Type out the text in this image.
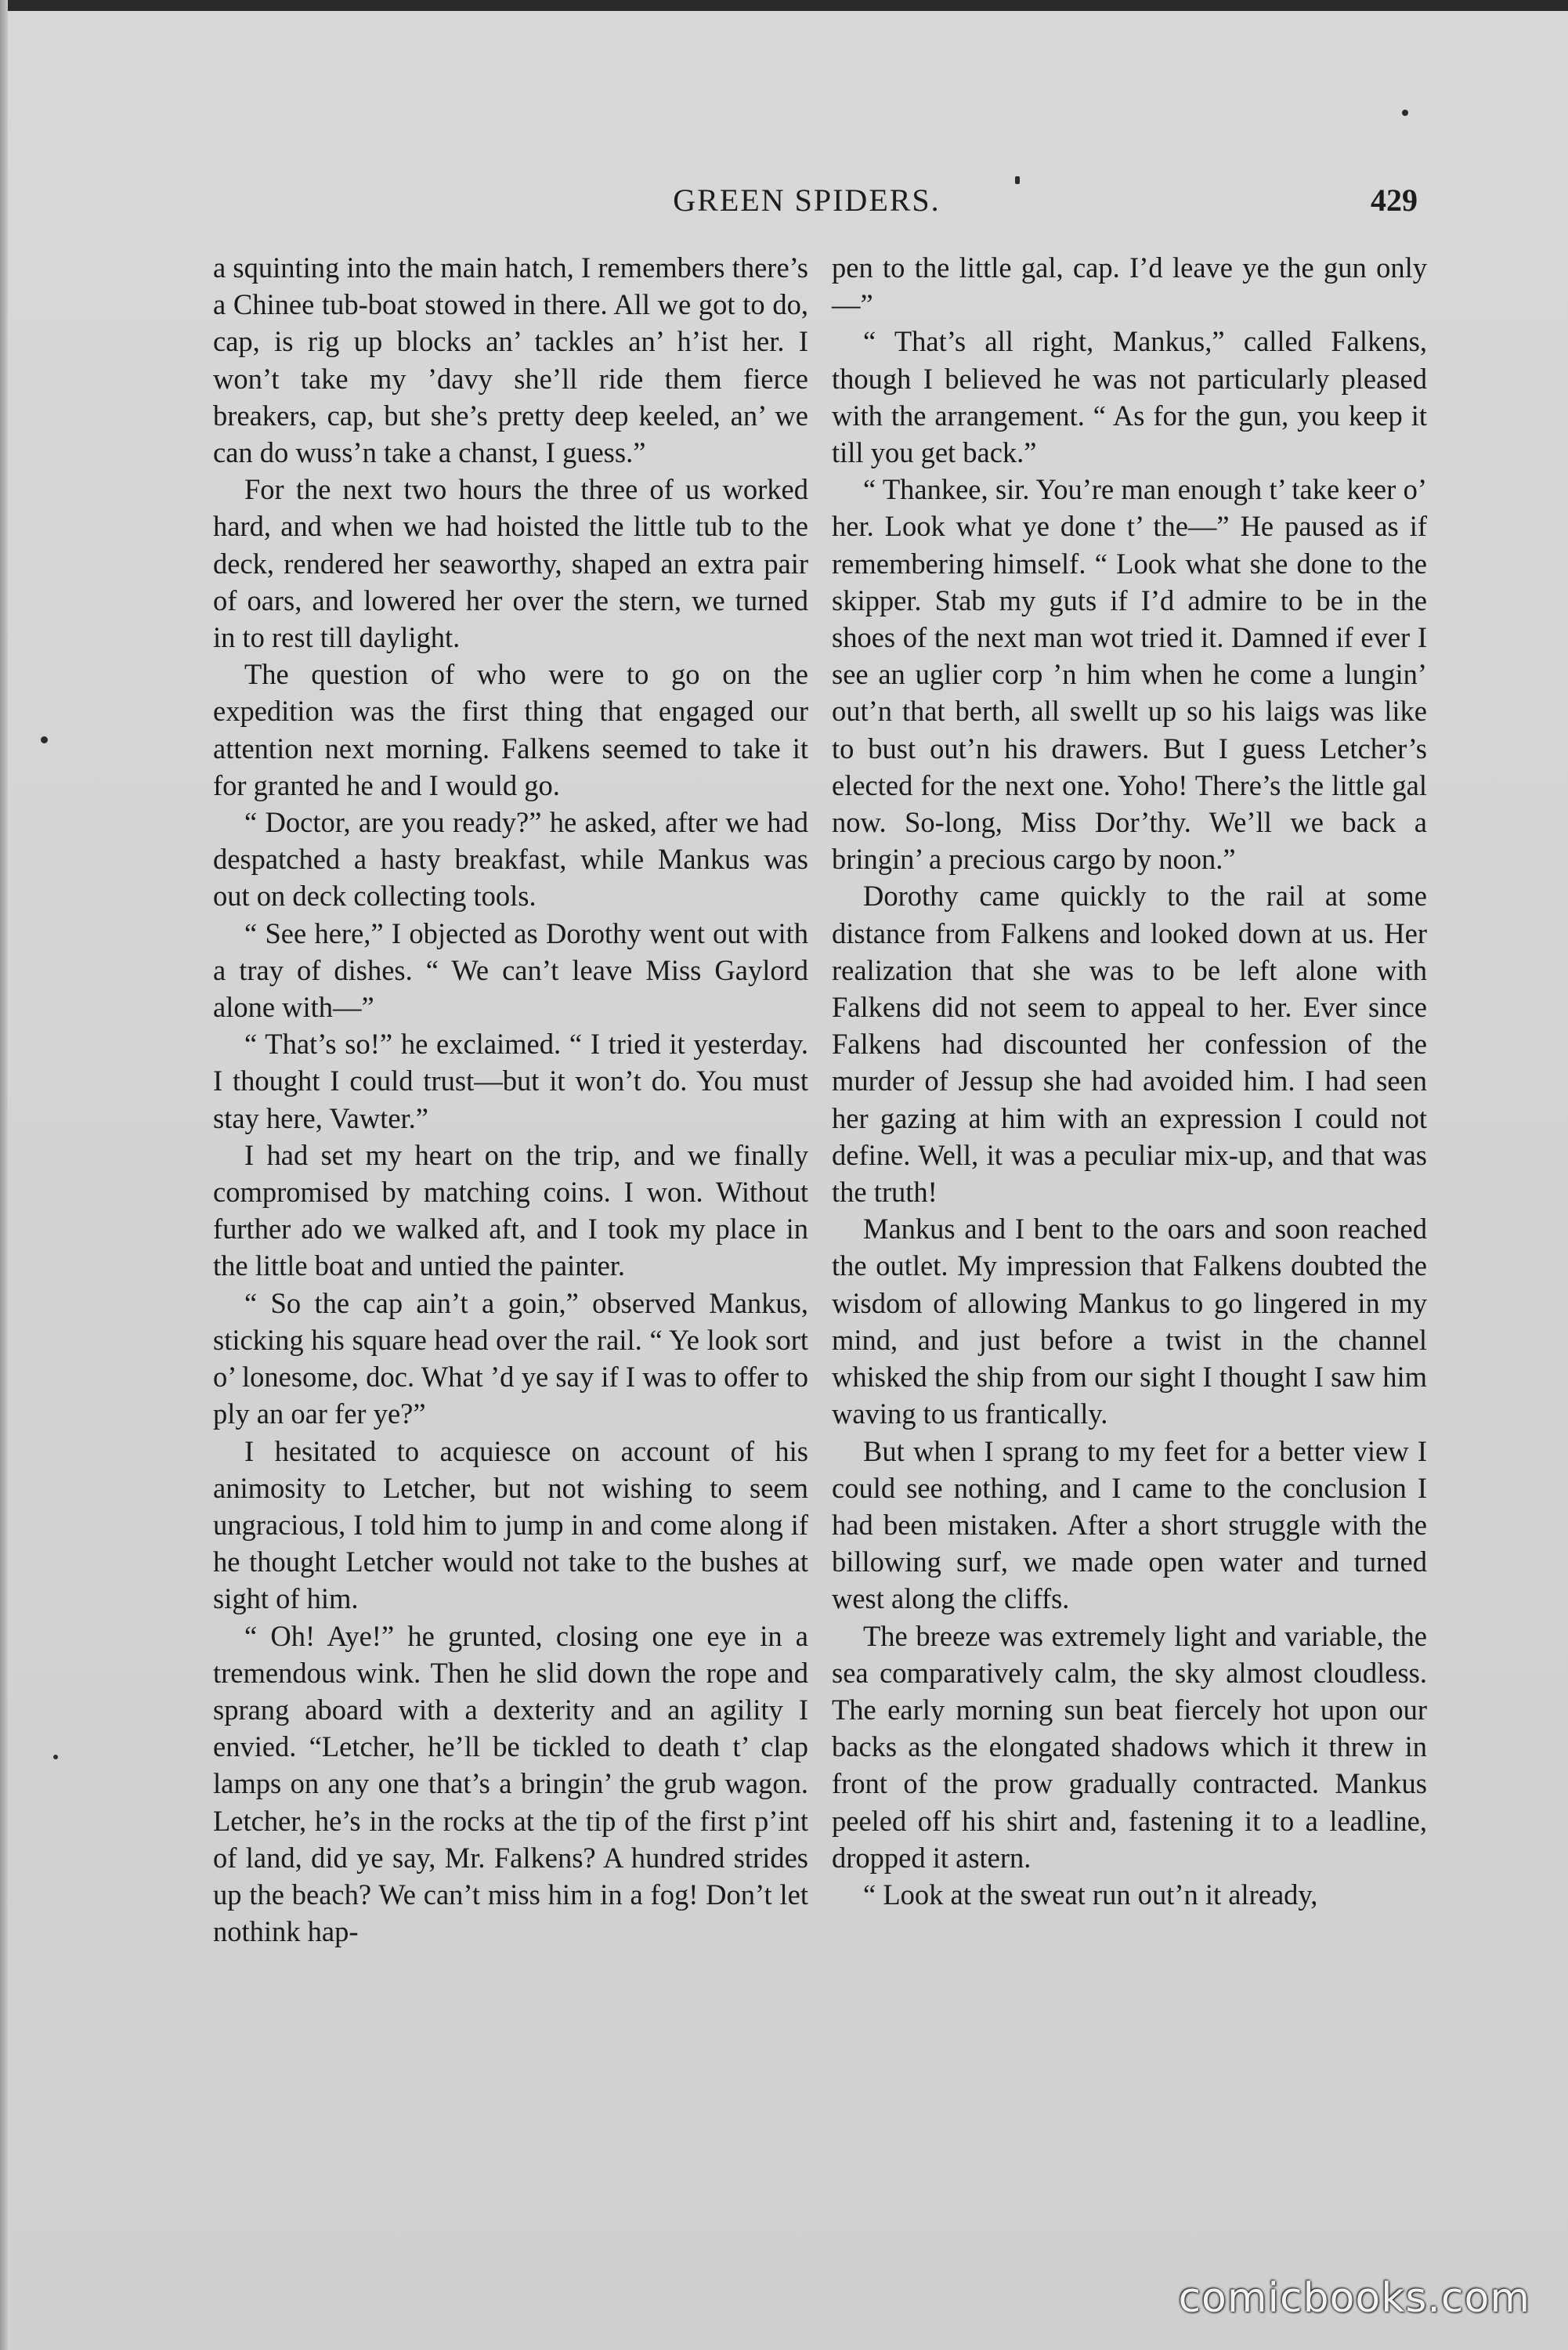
GREEN SPIDERS.	429

a squinting into the main hatch, I remembers there’s a Chinee tub-boat stowed in there. All we got to do, cap, is rig up blocks an’ tackles an’ h’ist her. I won’t take my ’davy she’ll ride them fierce breakers, cap, but she’s pretty deep keeled, an’ we can do wuss’n take a chanst, I guess.”

For the next two hours the three of us worked hard, and when we had hoisted the little tub to the deck, rendered her seaworthy, shaped an extra pair of oars, and lowered her over the stern, we turned in to rest till daylight.

The question of who were to go on the expedition was the first thing that engaged our attention next morning. Falkens seemed to take it for granted he and I would go.

“ Doctor, are you ready?” he asked, after we had despatched a hasty breakfast, while Mankus was out on deck collecting tools.

“ See here,” I objected as Dorothy went out with a tray of dishes. “ We can’t leave Miss Gaylord alone with—”

“ That’s so!” he exclaimed. “ I tried it yesterday. I thought I could trust—but it won’t do. You must stay here, Vawter.”

I had set my heart on the trip, and we finally compromised by matching coins. I won. Without further ado we walked aft, and I took my place in the little boat and untied the painter.

“ So the cap ain’t a goin,” observed Mankus, sticking his square head over the rail. “ Ye look sort o’ lonesome, doc. What ’d ye say if I was to offer to ply an oar fer ye?”

I hesitated to acquiesce on account of his animosity to Letcher, but not wishing to seem ungracious, I told him to jump in and come along if he thought Letcher would not take to the bushes at sight of him.

“ Oh! Aye!” he grunted, closing one eye in a tremendous wink. Then he slid down the rope and sprang aboard with a dexterity and an agility I envied. “Letcher, he’ll be tickled to death t’ clap lamps on any one that’s a bringin’ the grub wagon. Letcher, he’s in the rocks at the tip of the first p’int of land, did ye say, Mr. Falkens? A hundred strides up the beach? We can’t miss him in a fog! Don’t let nothink hap-

pen to the little gal, cap. I’d leave ye the gun only—”

“ That’s all right, Mankus,” called Falkens, though I believed he was not particularly pleased with the arrangement. “ As for the gun, you keep it till you get back.”

“ Thankee, sir. You’re man enough t’ take keer o’ her. Look what ye done t’ the—” He paused as if remembering himself. “ Look what she done to the skipper. Stab my guts if I’d admire to be in the shoes of the next man wot tried it. Damned if ever I see an uglier corp ’n him when he come a lungin’ out’n that berth, all swellt up so his laigs was like to bust out’n his drawers. But I guess Letcher’s elected for the next one. Yoho! There’s the little gal now. So-long, Miss Dor’thy. We’ll we back a bringin’ a precious cargo by noon.”

Dorothy came quickly to the rail at some distance from Falkens and looked down at us. Her realization that she was to be left alone with Falkens did not seem to appeal to her. Ever since Falkens had discounted her confession of the murder of Jessup she had avoided him. I had seen her gazing at him with an expression I could not define. Well, it was a peculiar mix-up, and that was the truth!

Mankus and I bent to the oars and soon reached the outlet. My impression that Falkens doubted the wisdom of allowing Mankus to go lingered in my mind, and just before a twist in the channel whisked the ship from our sight I thought I saw him waving to us frantically.

But when I sprang to my feet for a better view I could see nothing, and I came to the conclusion I had been mistaken. After a short struggle with the billowing surf, we made open water and turned west along the cliffs.

The breeze was extremely light and variable, the sea comparatively calm, the sky almost cloudless. The early morning sun beat fiercely hot upon our backs as the elongated shadows which it threw in front of the prow gradually contracted. Mankus peeled off his shirt and, fastening it to a leadline, dropped it astern.

“ Look at the sweat run out’n it already,

comicbooks.com
